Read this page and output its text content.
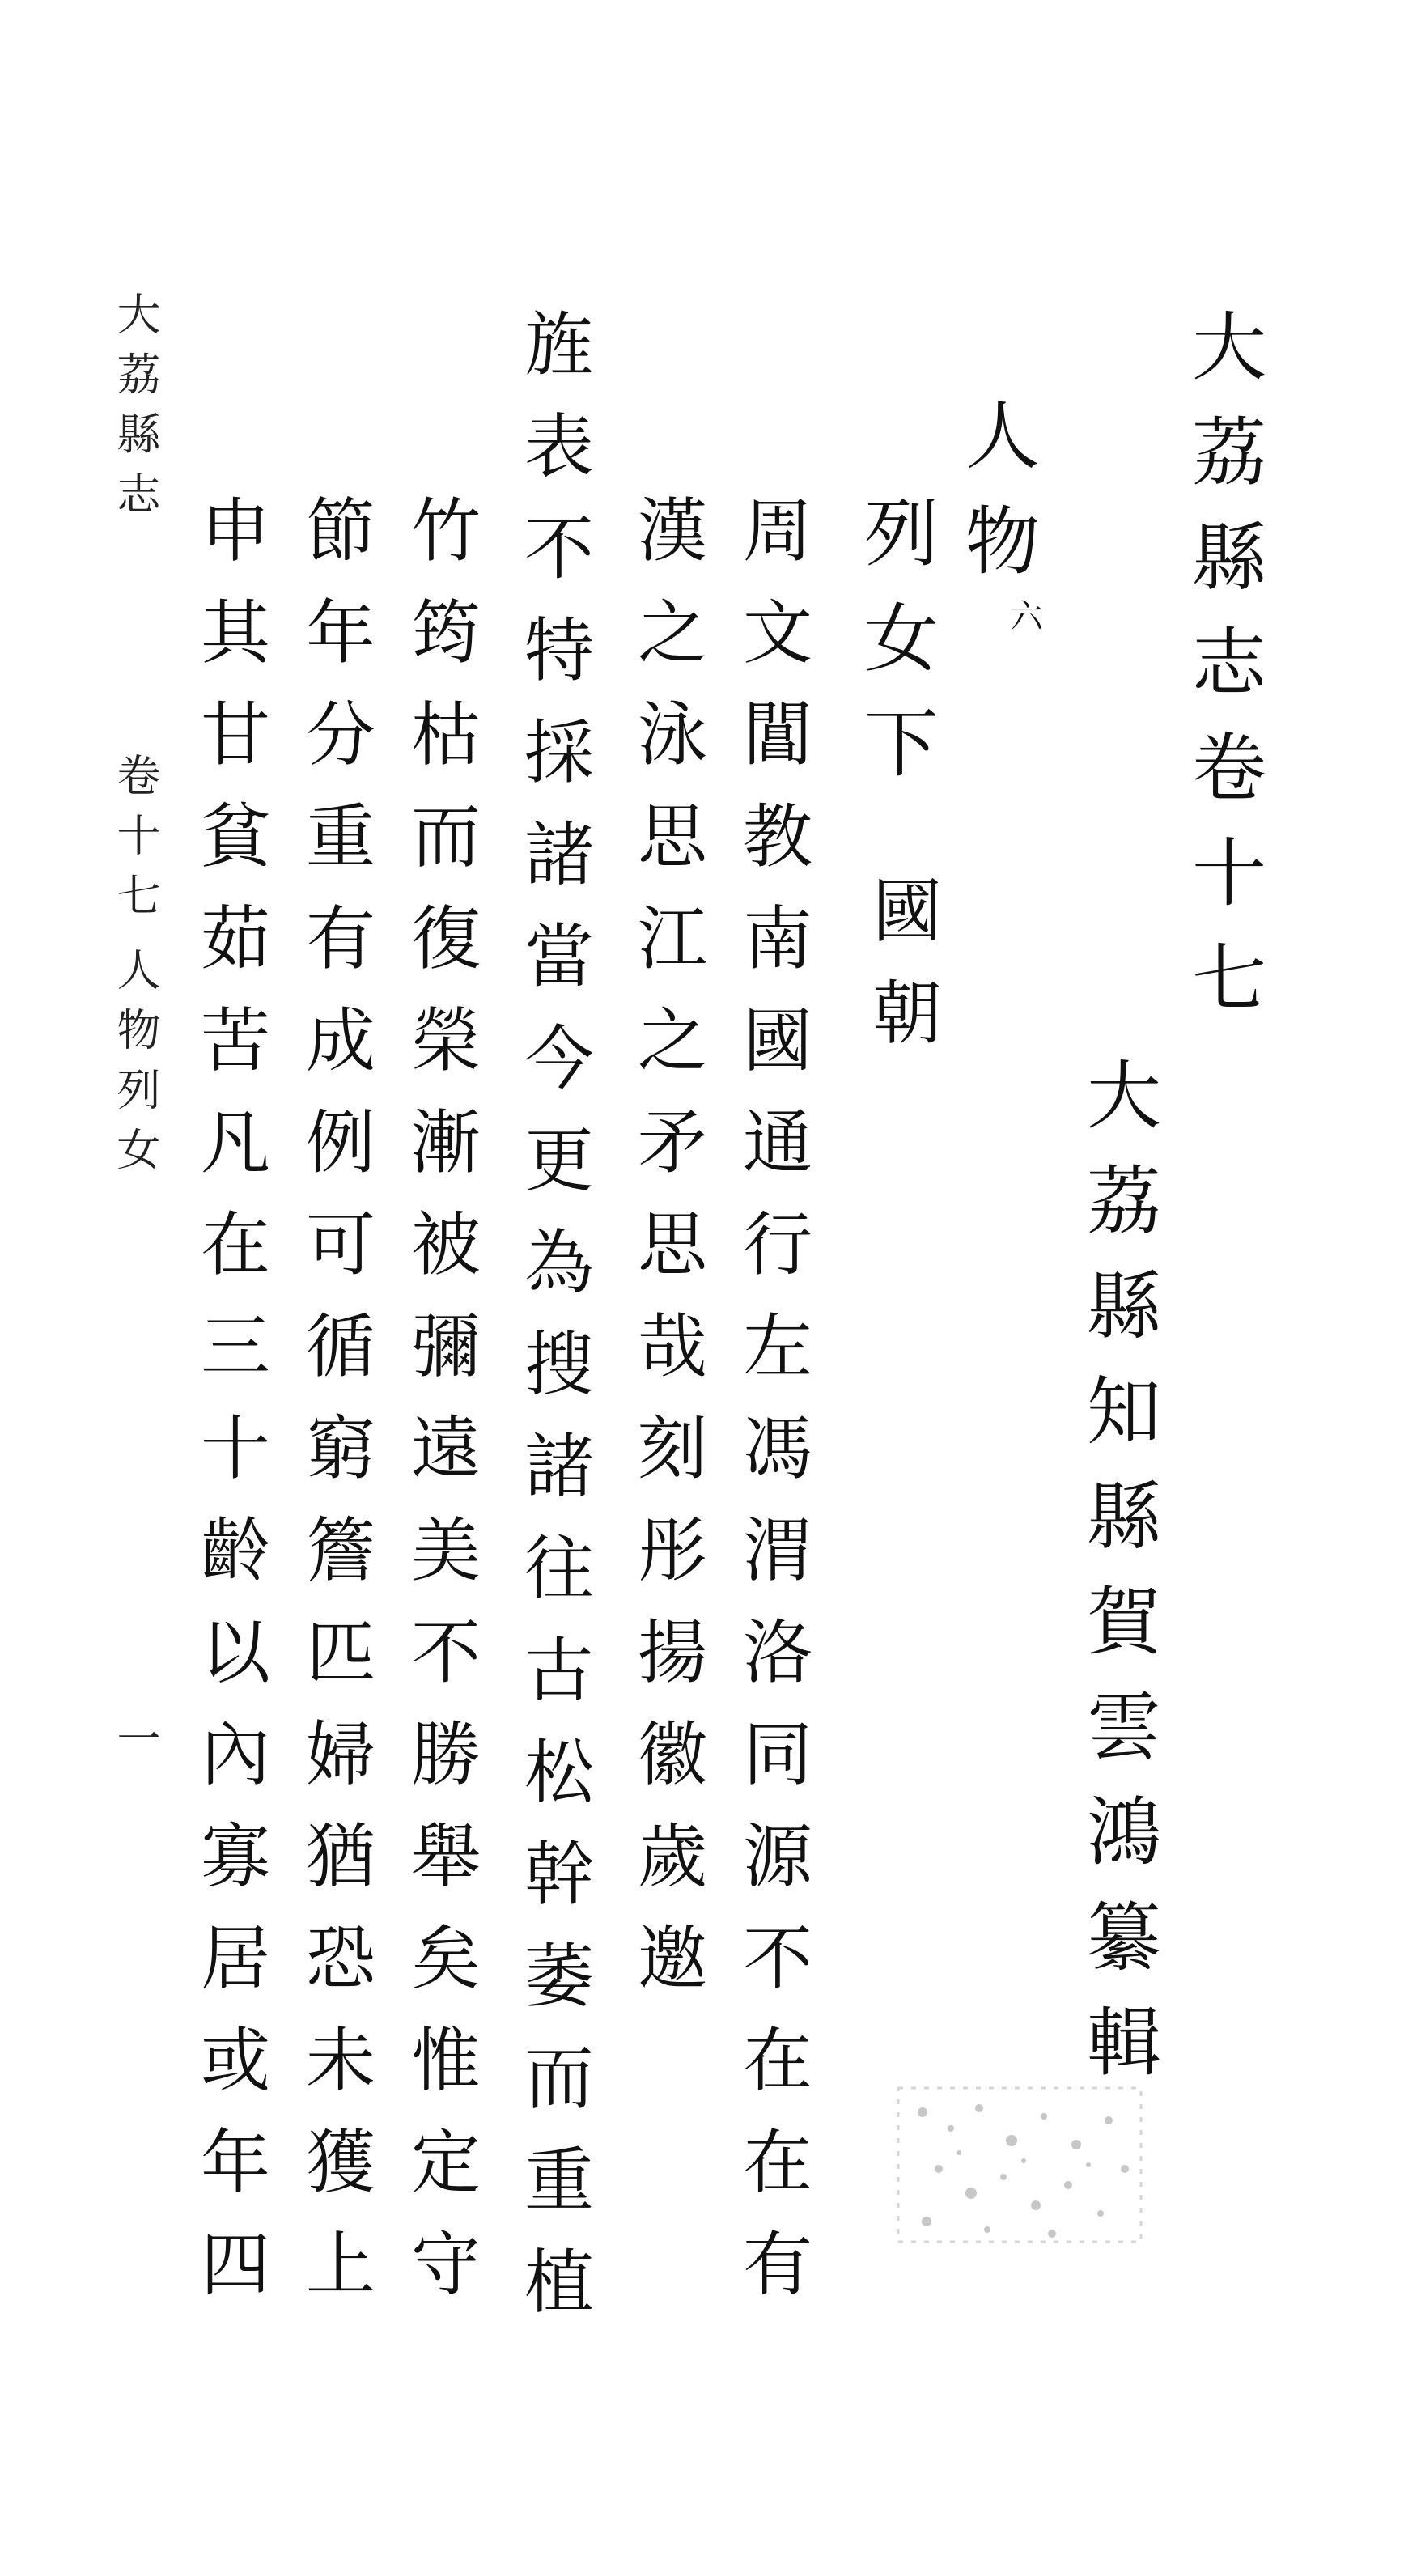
大荔縣志卷十七
大荔縣知縣賀雲鴻纂輯
人物
六
列女下
國朝
周文閶教南國通行左馮渭洛同源不在在有
漢之泳思江之矛思哉刻彤揚徽歲邀
旌表不特採諸當今更為搜諸往古松幹萎而重植
竹筠枯而復榮漸被彌遠美不勝舉矣惟定守
節年分重有成例可循窮簷匹婦猶恐未獲上
申其甘貧茹苦凡在三十齡以內寡居或年四
大荔縣志
卷十七
人物列女
一
